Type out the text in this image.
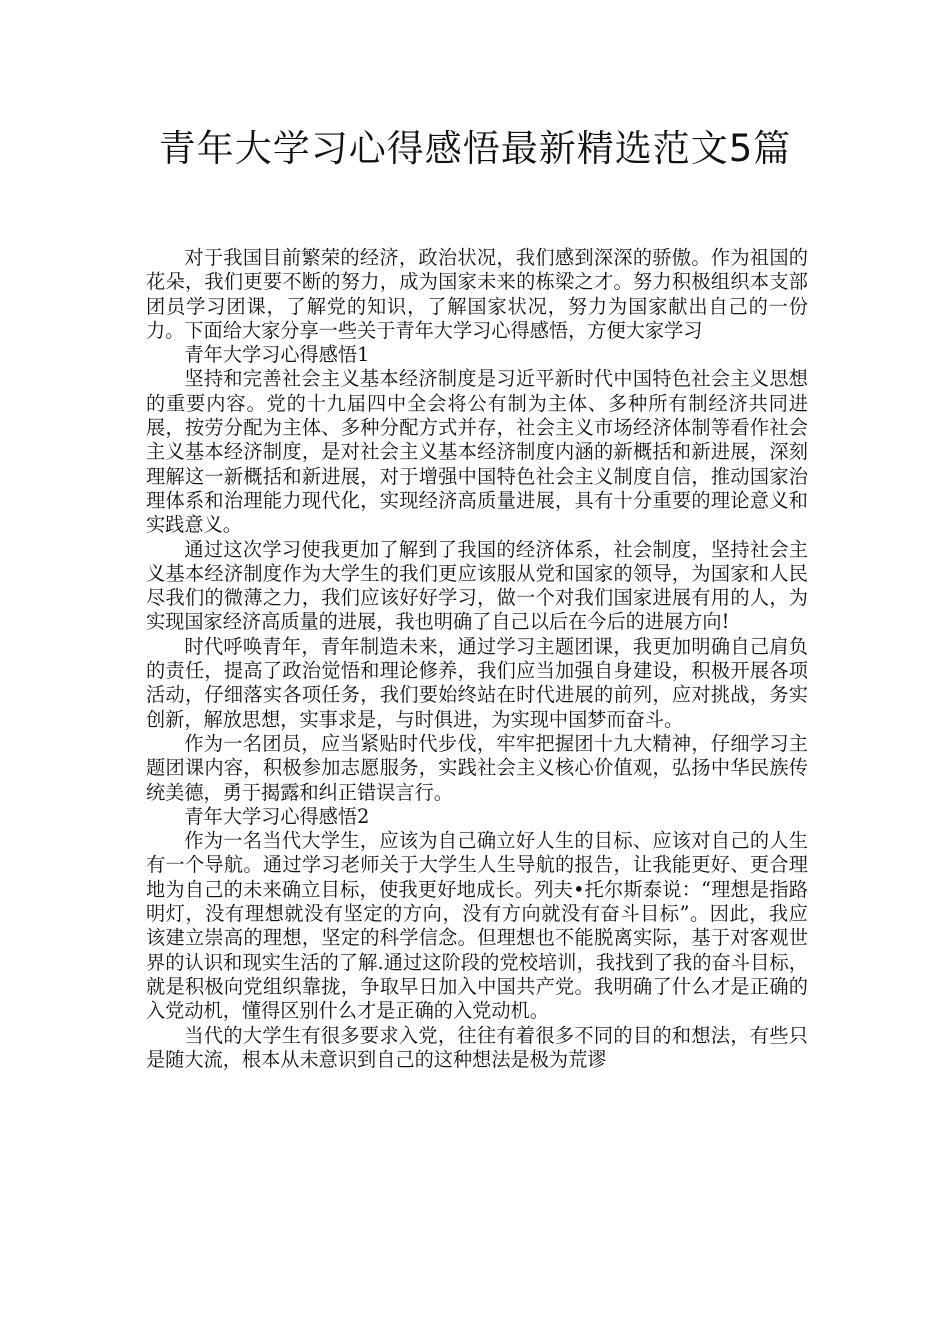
青年大学习心得感悟最新精选范文5篇

对于我国目前繁荣的经济，政治状况，我们感到深深的骄傲。作为祖国的花朵，我们更要不断的努力，成为国家未来的栋梁之才。努力积极组织本支部团员学习团课，了解党的知识，了解国家状况，努力为国家献出自己的一份力。下面给大家分享一些关于青年大学习心得感悟，方便大家学习

青年大学习心得感悟1

坚持和完善社会主义基本经济制度是习近平新时代中国特色社会主义思想的重要内容。党的十九届四中全会将公有制为主体、多种所有制经济共同进展，按劳分配为主体、多种分配方式并存，社会主义市场经济体制等看作社会主义基本经济制度，是对社会主义基本经济制度内涵的新概括和新进展，深刻理解这一新概括和新进展，对于增强中国特色社会主义制度自信，推动国家治理体系和治理能力现代化，实现经济高质量进展，具有十分重要的理论意义和实践意义。

通过这次学习使我更加了解到了我国的经济体系，社会制度，坚持社会主义基本经济制度作为大学生的我们更应该服从党和国家的领导，为国家和人民尽我们的微薄之力，我们应该好好学习，做一个对我们国家进展有用的人，为实现国家经济高质量的进展，我也明确了自己以后在今后的进展方向!

时代呼唤青年，青年制造未来，通过学习主题团课，我更加明确自己肩负的责任，提高了政治觉悟和理论修养，我们应当加强自身建设，积极开展各项活动，仔细落实各项任务，我们要始终站在时代进展的前列，应对挑战，务实创新，解放思想，实事求是，与时俱进，为实现中国梦而奋斗。

作为一名团员，应当紧贴时代步伐，牢牢把握团十九大精神，仔细学习主题团课内容，积极参加志愿服务，实践社会主义核心价值观，弘扬中华民族传统美德，勇于揭露和纠正错误言行。

青年大学习心得感悟2

作为一名当代大学生，应该为自己确立好人生的目标、应该对自己的人生有一个导航。通过学习老师关于大学生人生导航的报告，让我能更好、更合理地为自己的未来确立目标，使我更好地成长。列夫•托尔斯泰说：“理想是指路明灯，没有理想就没有坚定的方向，没有方向就没有奋斗目标”。因此，我应该建立崇高的理想，坚定的科学信念。但理想也不能脱离实际，基于对客观世界的认识和现实生活的了解.通过这阶段的党校培训，我找到了我的奋斗目标，就是积极向党组织靠拢，争取早日加入中国共产党。我明确了什么才是正确的入党动机，懂得区别什么才是正确的入党动机。

当代的大学生有很多要求入党，往往有着很多不同的目的和想法，有些只是随大流，根本从未意识到自己的这种想法是极为荒谬
